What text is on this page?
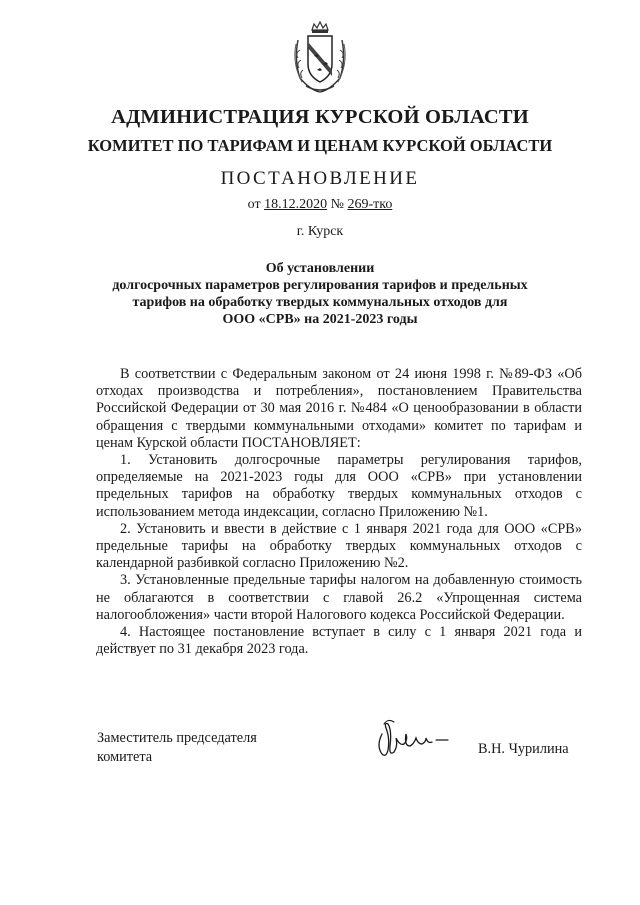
АДМИНИСТРАЦИЯ КУРСКОЙ ОБЛАСТИ
КОМИТЕТ ПО ТАРИФАМ И ЦЕНАМ КУРСКОЙ ОБЛАСТИ
ПОСТАНОВЛЕНИЕ
от 18.12.2020 № 269-тко
г. Курск
Об установлении
долгосрочных параметров регулирования тарифов и предельных
тарифов на обработку твердых коммунальных отходов для
ООО «СРВ» на 2021-2023 годы

В соответствии с Федеральным законом от 24 июня 1998 г. №89-ФЗ «Об отходах производства и потребления», постановлением Правительства Российской Федерации от 30 мая 2016 г. №484 «О ценообразовании в области обращения с твердыми коммунальными отходами» комитет по тарифам и ценам Курской области ПОСТАНОВЛЯЕТ:

1. Установить долгосрочные параметры регулирования тарифов, определяемые на 2021-2023 годы для ООО «СРВ» при установлении предельных тарифов на обработку твердых коммунальных отходов с использованием метода индексации, согласно Приложению №1.

2. Установить и ввести в действие с 1 января 2021 года для ООО «СРВ» предельные тарифы на обработку твердых коммунальных отходов с календарной разбивкой согласно Приложению №2.

3. Установленные предельные тарифы налогом на добавленную стоимость не облагаются в соответствии с главой 26.2 «Упрощенная система налогообложения» части второй Налогового кодекса Российской Федерации.

4. Настоящее постановление вступает в силу с 1 января 2021 года и действует по 31 декабря 2023 года.

Заместитель председателя
комитета	В.Н. Чурилина
